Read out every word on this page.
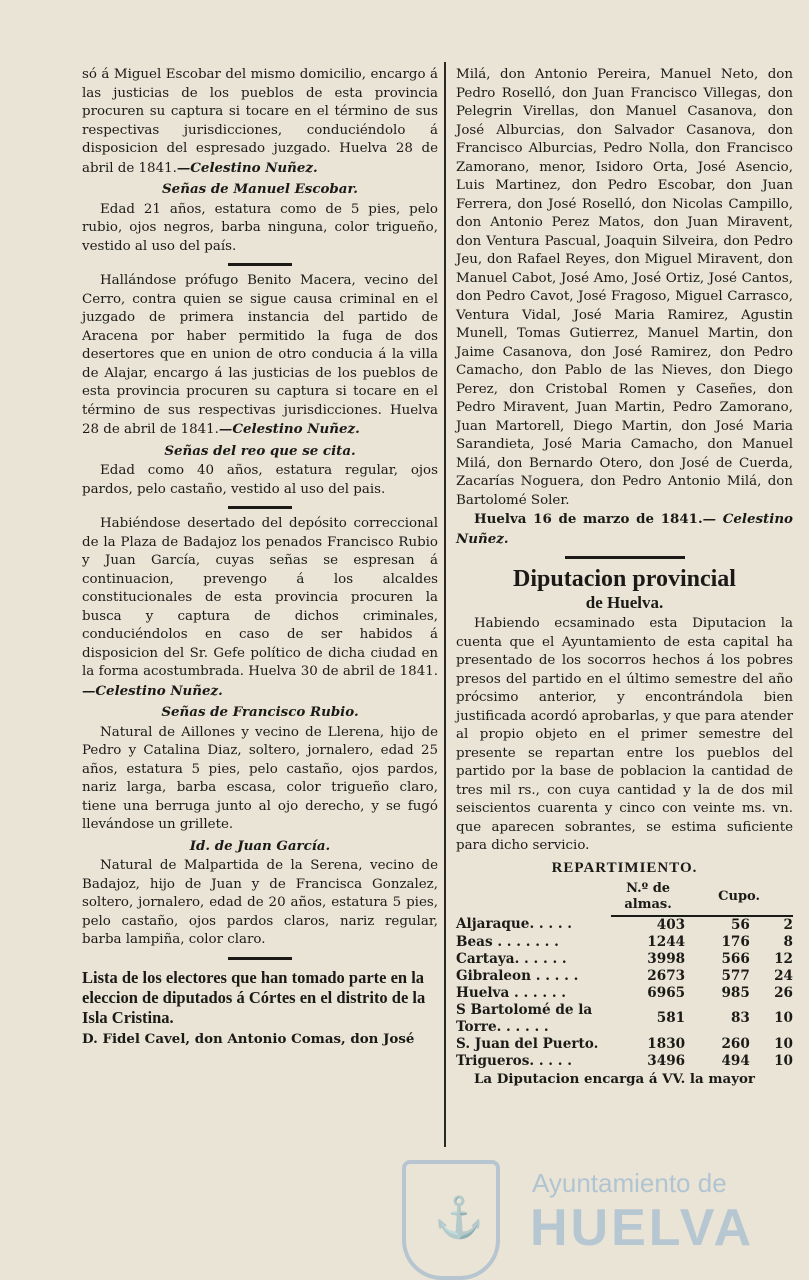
só á Miguel Escobar del mismo domicilio, encargo á las justicias de los pueblos de esta provincia procuren su captura si tocare en el término de sus respectivas jurisdicciones, conduciéndolo á disposicion del espresado juzgado. Huelva 28 de abril de 1841.—Celestino Nuñez.

Señas de Manuel Escobar.

Edad 21 años, estatura como de 5 pies, pelo rubio, ojos negros, barba ninguna, color trigueño, vestido al uso del país.

Hallándose prófugo Benito Macera, vecino del Cerro, contra quien se sigue causa criminal en el juzgado de primera instancia del partido de Aracena por haber permitido la fuga de dos desertores que en union de otro conducia á la villa de Alajar, encargo á las justicias de los pueblos de esta provincia procuren su captura si tocare en el término de sus respectivas jurisdicciones. Huelva 28 de abril de 1841.—Celestino Nuñez.

Señas del reo que se cita.

Edad como 40 años, estatura regular, ojos pardos, pelo castaño, vestido al uso del pais.

Habiéndose desertado del depósito correccional de la Plaza de Badajoz los penados Francisco Rubio y Juan García, cuyas señas se espresan á continuacion, prevengo á los alcaldes constitucionales de esta provincia procuren la busca y captura de dichos criminales, conduciéndolos en caso de ser habidos á disposicion del Sr. Gefe político de dicha ciudad en la forma acostumbrada. Huelva 30 de abril de 1841.—Celestino Nuñez.

Señas de Francisco Rubio.

Natural de Aillones y vecino de Llerena, hijo de Pedro y Catalina Diaz, soltero, jornalero, edad 25 años, estatura 5 pies, pelo castaño, ojos pardos, nariz larga, barba escasa, color trigueño claro, tiene una berruga junto al ojo derecho, y se fugó llevándose un grillete.

Id. de Juan García.

Natural de Malpartida de la Serena, vecino de Badajoz, hijo de Juan y de Francisca Gonzalez, soltero, jornalero, edad de 20 años, estatura 5 pies, pelo castaño, ojos pardos claros, nariz regular, barba lampiña, color claro.

Lista de los electores que han tomado parte en la eleccion de diputados á Córtes en el distrito de la Isla Cristina.

D. Fidel Cavel, don Antonio Comas, don José

Milá, don Antonio Pereira, Manuel Neto, don Pedro Roselló, don Juan Francisco Villegas, don Pelegrin Virellas, don Manuel Casanova, don José Alburcias, don Salvador Casanova, don Francisco Alburcias, Pedro Nolla, don Francisco Zamorano, menor, Isidoro Orta, José Asencio, Luis Martinez, don Pedro Escobar, don Juan Ferrera, don José Roselló, don Nicolas Campillo, don Antonio Perez Matos, don Juan Miravent, don Ventura Pascual, Joaquin Silveira, don Pedro Jeu, don Rafael Reyes, don Miguel Miravent, don Manuel Cabot, José Amo, José Ortiz, José Cantos, don Pedro Cavot, José Fragoso, Miguel Carrasco, Ventura Vidal, José Maria Ramirez, Agustin Munell, Tomas Gutierrez, Manuel Martin, don Jaime Casanova, don José Ramirez, don Pedro Camacho, don Pablo de las Nieves, don Diego Perez, don Cristobal Romen y Caseñes, don Pedro Miravent, Juan Martin, Pedro Zamorano, Juan Martorell, Diego Martin, don José Maria Sarandieta, José Maria Camacho, don Manuel Milá, don Bernardo Otero, don José de Cuerda, Zacarías Noguera, don Pedro Antonio Milá, don Bartolomé Soler.

Huelva 16 de marzo de 1841.— Celestino Nuñez.

Diputacion provincial
de Huelva.

Habiendo ecsaminado esta Diputacion la cuenta que el Ayuntamiento de esta capital ha presentado de los socorros hechos á los pobres presos del partido en el último semestre del año prócsimo anterior, y encontrándola bien justificada acordó aprobarlas, y que para atender al propio objeto en el primer semestre del presente se repartan entre los pueblos del partido por la base de poblacion la cantidad de tres mil rs., con cuya cantidad y la de dos mil seiscientos cuarenta y cinco con veinte ms. vn. que aparecen sobrantes, se estima suficiente para dicho servicio.

REPARTIMIENTO.
	N.º de almas.	Cupo.	
Aljaraque. . . . .	403	56	2
Beas . . . . . . .	1244	176	8
Cartaya. . . . . .	3998	566	12
Gibraleon . . . . .	2673	577	24
Huelva . . . . . .	6965	985	26
S Bartolomé de la Torre. . . . . .	581	83	10
S. Juan del Puerto.	1830	260	10
Trigueros. . . . .	3496	494	10

La Diputacion encarga á VV. la mayor

⚓
Ayuntamiento de
HUELVA
